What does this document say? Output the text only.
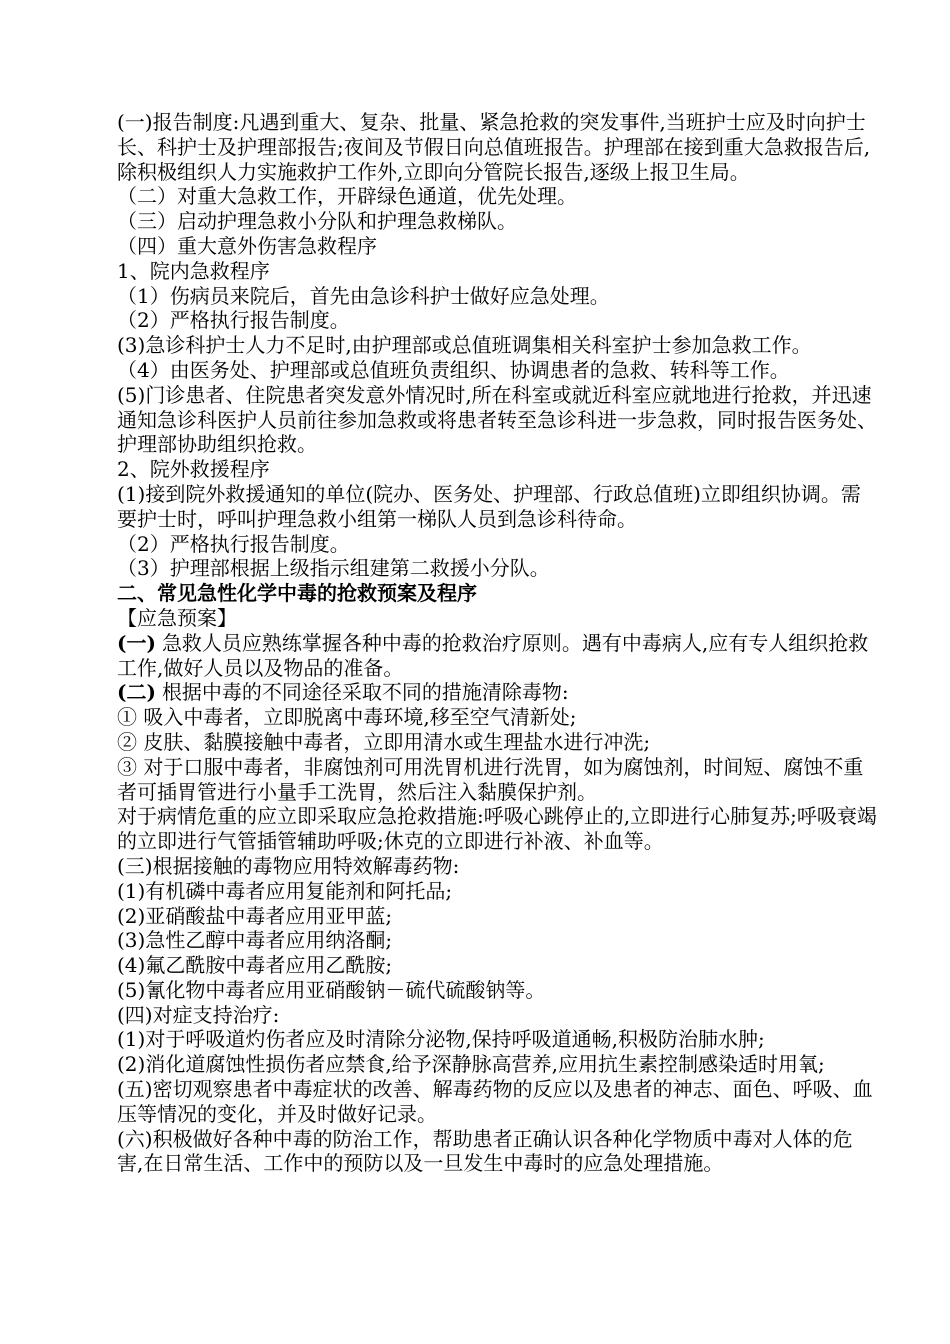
(一)报告制度:凡遇到重大、复杂、批量、紧急抢救的突发事件,当班护士应及时向护士长、科护士及护理部报告;夜间及节假日向总值班报告。护理部在接到重大急救报告后,除积极组织人力实施救护工作外,立即向分管院长报告,逐级上报卫生局。

（二）对重大急救工作，开辟绿色通道，优先处理。

（三）启动护理急救小分队和护理急救梯队。

（四）重大意外伤害急救程序

1、院内急救程序

（1）伤病员来院后，首先由急诊科护士做好应急处理。

（2）严格执行报告制度。

(3)急诊科护士人力不足时,由护理部或总值班调集相关科室护士参加急救工作。

（4）由医务处、护理部或总值班负责组织、协调患者的急救、转科等工作。

(5)门诊患者、住院患者突发意外情况时,所在科室或就近科室应就地进行抢救，并迅速通知急诊科医护人员前往参加急救或将患者转至急诊科进一步急救，同时报告医务处、护理部协助组织抢救。

2、院外救援程序

(1)接到院外救援通知的单位(院办、医务处、护理部、行政总值班)立即组织协调。需要护士时，呼叫护理急救小组第一梯队人员到急诊科待命。

（2）严格执行报告制度。

（3）护理部根据上级指示组建第二救援小分队。

二、常见急性化学中毒的抢救预案及程序

【应急预案】

(一) 急救人员应熟练掌握各种中毒的抢救治疗原则。遇有中毒病人,应有专人组织抢救工作,做好人员以及物品的准备。

(二) 根据中毒的不同途径采取不同的措施清除毒物:

① 吸入中毒者，立即脱离中毒环境,移至空气清新处;

② 皮肤、黏膜接触中毒者，立即用清水或生理盐水进行冲洗;

③ 对于口服中毒者，非腐蚀剂可用洗胃机进行洗胃，如为腐蚀剂，时间短、腐蚀不重者可插胃管进行小量手工洗胃，然后注入黏膜保护剂。

对于病情危重的应立即采取应急抢救措施:呼吸心跳停止的,立即进行心肺复苏;呼吸衰竭的立即进行气管插管辅助呼吸;休克的立即进行补液、补血等。

(三)根据接触的毒物应用特效解毒药物:

(1)有机磷中毒者应用复能剂和阿托品;

(2)亚硝酸盐中毒者应用亚甲蓝;

(3)急性乙醇中毒者应用纳洛酮;

(4)氟乙酰胺中毒者应用乙酰胺;

(5)氰化物中毒者应用亚硝酸钠－硫代硫酸钠等。

(四)对症支持治疗:

(1)对于呼吸道灼伤者应及时清除分泌物,保持呼吸道通畅,积极防治肺水肿;

(2)消化道腐蚀性损伤者应禁食,给予深静脉高营养,应用抗生素控制感染适时用氧;

(五)密切观察患者中毒症状的改善、解毒药物的反应以及患者的神志、面色、呼吸、血压等情况的变化，并及时做好记录。

(六)积极做好各种中毒的防治工作，帮助患者正确认识各种化学物质中毒对人体的危害,在日常生活、工作中的预防以及一旦发生中毒时的应急处理措施。
